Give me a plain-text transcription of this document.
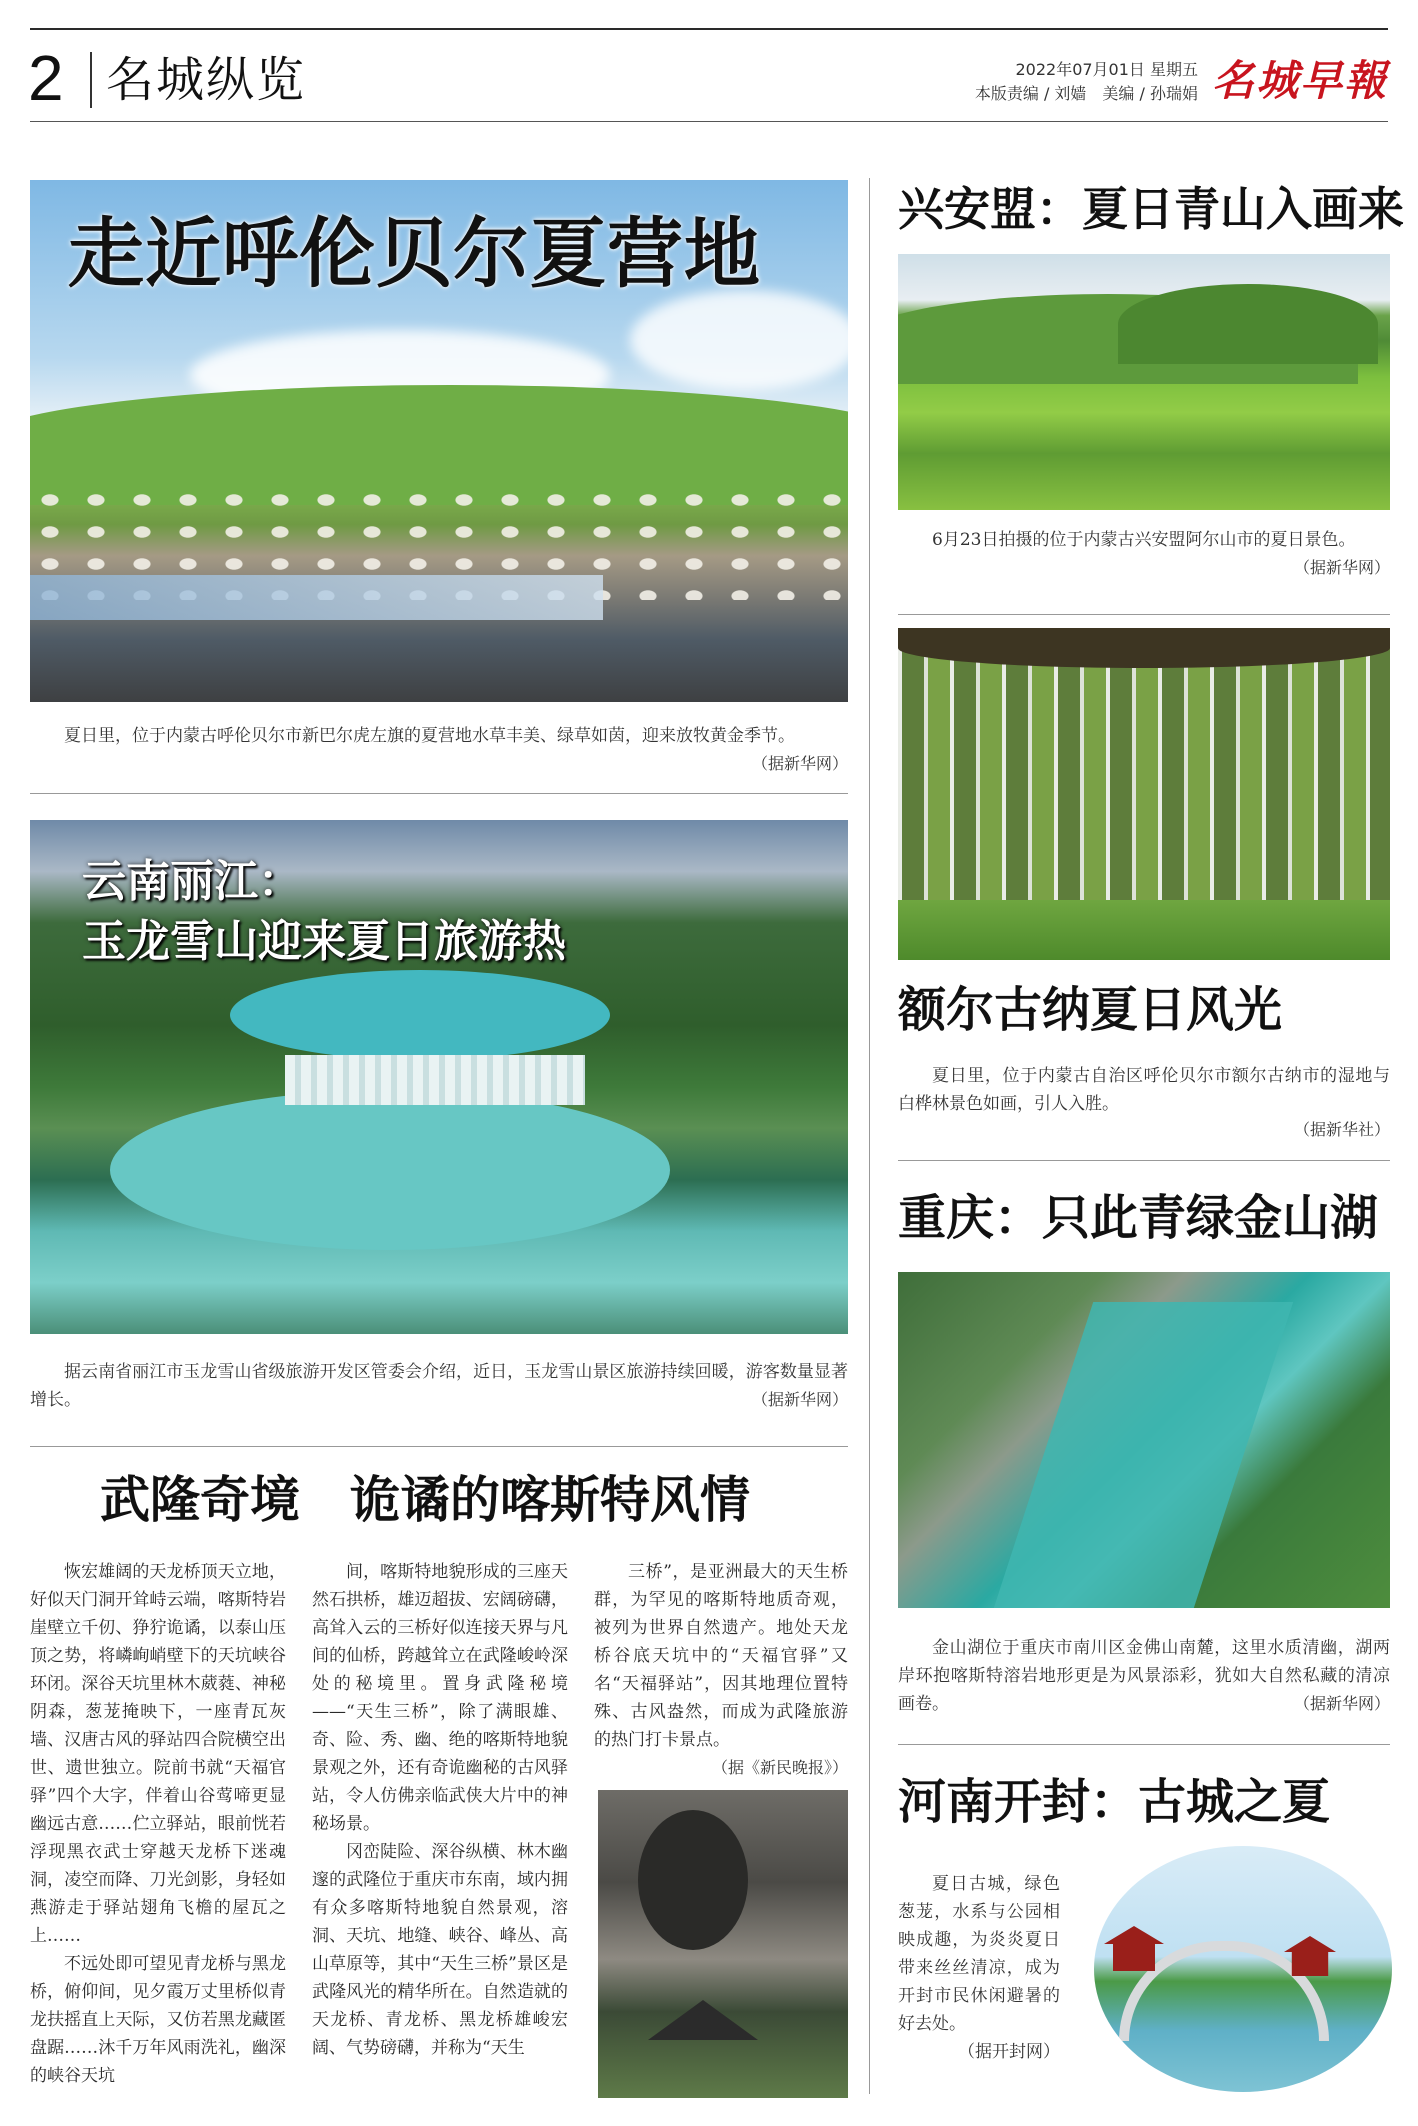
2 名城纵览	2022年07月01日 星期五
本版责编 / 刘嫱　美编 / 孙瑞娟 名城早報
走近呼伦贝尔夏营地
夏日里，位于内蒙古呼伦贝尔市新巴尔虎左旗的夏营地水草丰美、绿草如茵，迎来放牧黄金季节。
（据新华网）
云南丽江：
玉龙雪山迎来夏日旅游热
据云南省丽江市玉龙雪山省级旅游开发区管委会介绍，近日，玉龙雪山景区旅游持续回暖，游客数量显著增长。	（据新华网）
武隆奇境　诡谲的喀斯特风情

恢宏雄阔的天龙桥顶天立地，好似天门洞开耸峙云端，喀斯特岩崖壁立千仞、狰狞诡谲，以泰山压顶之势，将嶙峋峭壁下的天坑峡谷环闭。深谷天坑里林木葳蕤、神秘阴森，葱茏掩映下，一座青瓦灰墙、汉唐古风的驿站四合院横空出世、遗世独立。院前书就“天福官驿”四个大字，伴着山谷莺啼更显幽远古意……伫立驿站，眼前恍若浮现黑衣武士穿越天龙桥下迷魂洞，凌空而降、刀光剑影，身轻如燕游走于驿站翅角飞檐的屋瓦之上……

不远处即可望见青龙桥与黑龙桥，俯仰间，见夕霞万丈里桥似青龙扶摇直上天际，又仿若黑龙藏匿盘踞……沐千万年风雨洗礼，幽深的峡谷天坑

间，喀斯特地貌形成的三座天然石拱桥，雄迈超拔、宏阔磅礴，高耸入云的三桥好似连接天界与凡间的仙桥，跨越耸立在武隆峻岭深处的秘境里。置身武隆秘境——“天生三桥”，除了满眼雄、奇、险、秀、幽、绝的喀斯特地貌景观之外，还有奇诡幽秘的古风驿站，令人仿佛亲临武侠大片中的神秘场景。

冈峦陡险、深谷纵横、林木幽邃的武隆位于重庆市东南，域内拥有众多喀斯特地貌自然景观，溶洞、天坑、地缝、峡谷、峰丛、高山草原等，其中“天生三桥”景区是武隆风光的精华所在。自然造就的天龙桥、青龙桥、黑龙桥雄峻宏阔、气势磅礴，并称为“天生

三桥”，是亚洲最大的天生桥群，为罕见的喀斯特地质奇观，被列为世界自然遗产。地处天龙桥谷底天坑中的“天福官驿”又名“天福驿站”，因其地理位置特殊、古风盎然，而成为武隆旅游的热门打卡景点。

（据《新民晚报》）
兴安盟：夏日青山入画来
6月23日拍摄的位于内蒙古兴安盟阿尔山市的夏日景色。
（据新华网）
额尔古纳夏日风光
夏日里，位于内蒙古自治区呼伦贝尔市额尔古纳市的湿地与白桦林景色如画，引人入胜。
（据新华社）
重庆：只此青绿金山湖
金山湖位于重庆市南川区金佛山南麓，这里水质清幽，湖两岸环抱喀斯特溶岩地形更是为风景添彩，犹如大自然私藏的清凉画卷。	（据新华网）
河南开封：古城之夏
夏日古城，绿色葱茏，水系与公园相映成趣，为炎炎夏日带来丝丝清凉，成为开封市民休闲避暑的好去处。
（据开封网）
